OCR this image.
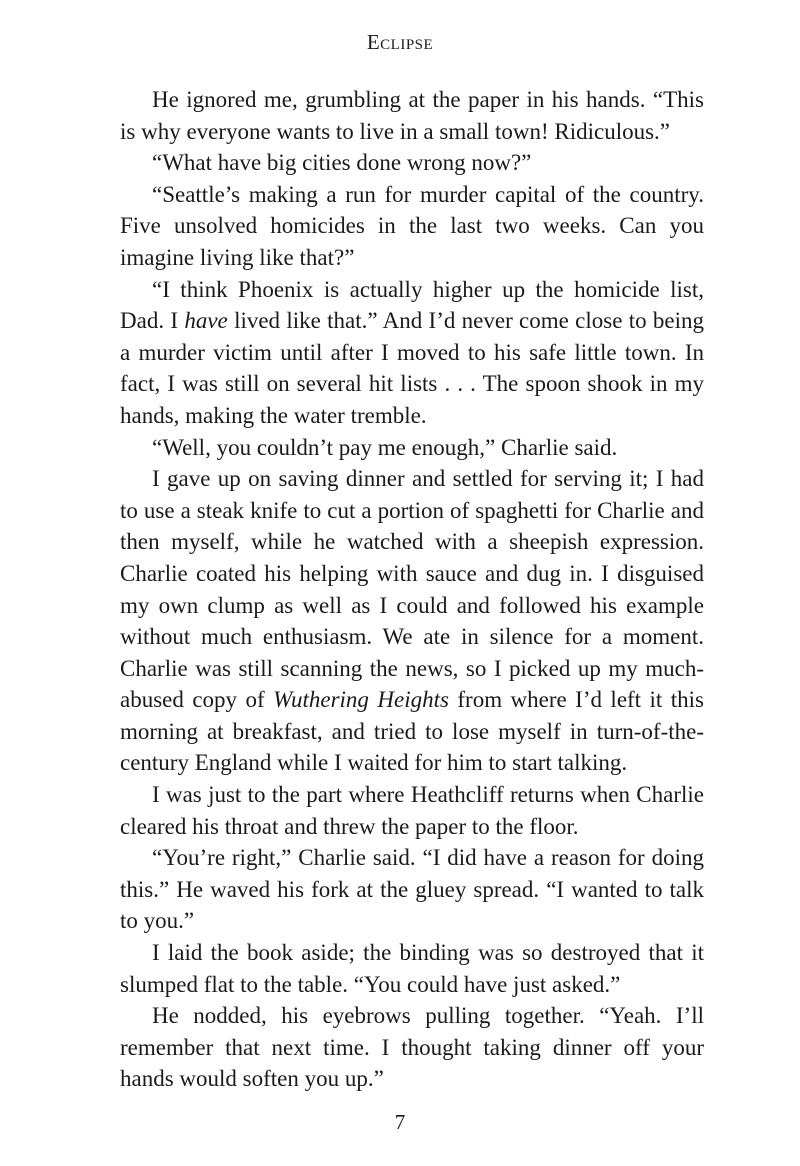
Eclipse

He ignored me, grumbling at the paper in his hands. “This is why everyone wants to live in a small town! Ridiculous.”

“What have big cities done wrong now?”

“Seattle’s making a run for murder capital of the country. Five unsolved homicides in the last two weeks. Can you imagine living like that?”

“I think Phoenix is actually higher up the homicide list, Dad. I have lived like that.” And I’d never come close to being a murder victim until after I moved to his safe little town. In fact, I was still on several hit lists . . . The spoon shook in my hands, making the water tremble.

“Well, you couldn’t pay me enough,” Charlie said.

I gave up on saving dinner and settled for serving it; I had to use a steak knife to cut a portion of spaghetti for Charlie and then myself, while he watched with a sheepish expression. Charlie coated his helping with sauce and dug in. I disguised my own clump as well as I could and followed his example without much enthusiasm. We ate in silence for a moment. Charlie was still scanning the news, so I picked up my much-abused copy of Wuthering Heights from where I’d left it this morning at breakfast, and tried to lose myself in turn-of-the-century England while I waited for him to start talking.

I was just to the part where Heathcliff returns when Charlie cleared his throat and threw the paper to the floor.

“You’re right,” Charlie said. “I did have a reason for doing this.” He waved his fork at the gluey spread. “I wanted to talk to you.”

I laid the book aside; the binding was so destroyed that it slumped flat to the table. “You could have just asked.”

He nodded, his eyebrows pulling together. “Yeah. I’ll remember that next time. I thought taking dinner off your hands would soften you up.”

7
